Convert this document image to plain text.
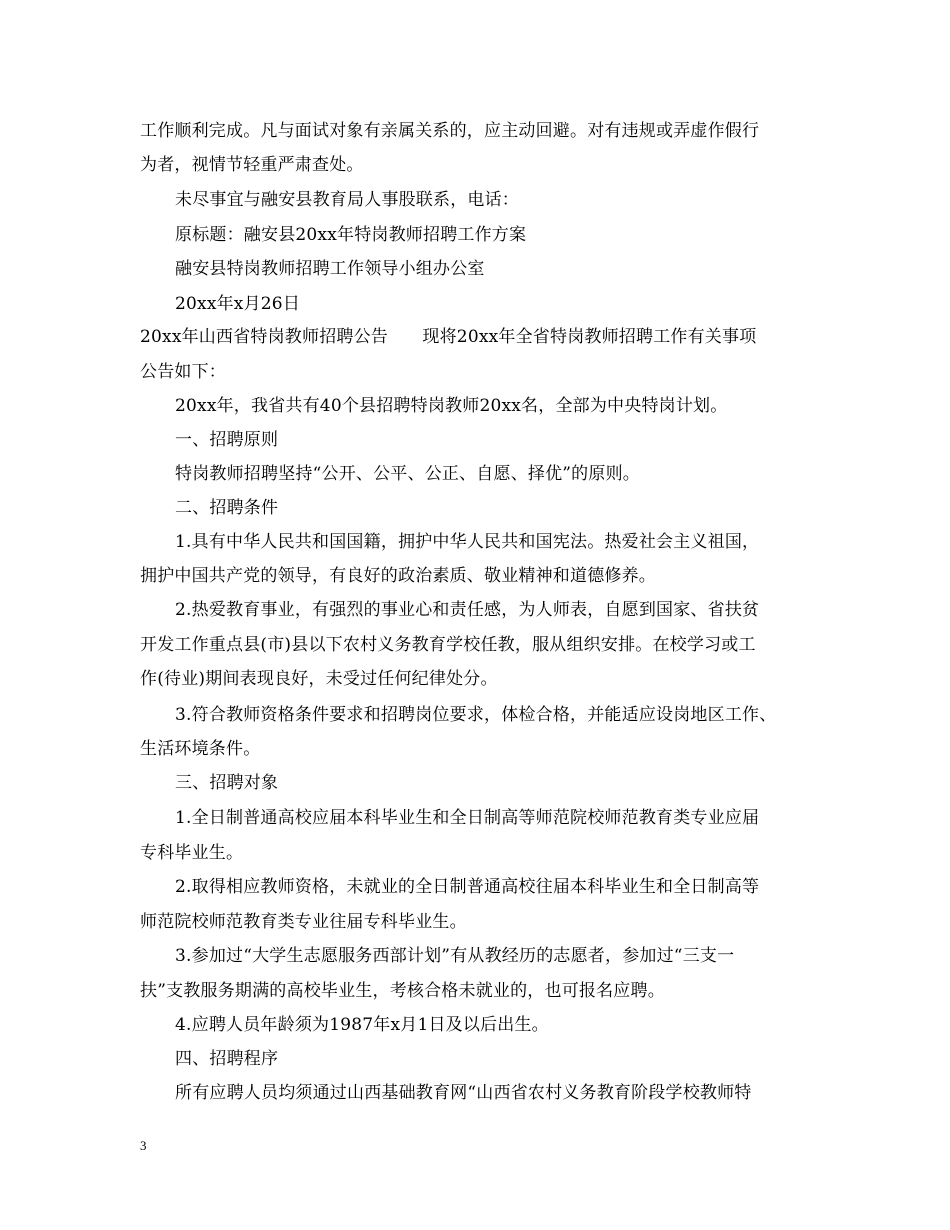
工作顺利完成。凡与面试对象有亲属关系的，应主动回避。对有违规或弄虚作假行
为者，视情节轻重严肃查处。
未尽事宜与融安县教育局人事股联系，电话：
原标题：融安县20xx年特岗教师招聘工作方案
融安县特岗教师招聘工作领导小组办公室
20xx年x月26日
20xx年山西省特岗教师招聘公告　　现将20xx年全省特岗教师招聘工作有关事项
公告如下：
20xx年，我省共有40个县招聘特岗教师20xx名，全部为中央特岗计划。
一、招聘原则
特岗教师招聘坚持“公开、公平、公正、自愿、择优”的原则。
二、招聘条件
1.具有中华人民共和国国籍，拥护中华人民共和国宪法。热爱社会主义祖国，
拥护中国共产党的领导，有良好的政治素质、敬业精神和道德修养。
2.热爱教育事业，有强烈的事业心和责任感，为人师表，自愿到国家、省扶贫
开发工作重点县(市)县以下农村义务教育学校任教，服从组织安排。在校学习或工
作(待业)期间表现良好，未受过任何纪律处分。
3.符合教师资格条件要求和招聘岗位要求，体检合格，并能适应设岗地区工作、
生活环境条件。
三、招聘对象
1.全日制普通高校应届本科毕业生和全日制高等师范院校师范教育类专业应届
专科毕业生。
2.取得相应教师资格，未就业的全日制普通高校往届本科毕业生和全日制高等
师范院校师范教育类专业往届专科毕业生。
3.参加过“大学生志愿服务西部计划”有从教经历的志愿者，参加过“三支一
扶”支教服务期满的高校毕业生，考核合格未就业的，也可报名应聘。
4.应聘人员年龄须为1987年x月1日及以后出生。
四、招聘程序
所有应聘人员均须通过山西基础教育网“山西省农村义务教育阶段学校教师特
3
